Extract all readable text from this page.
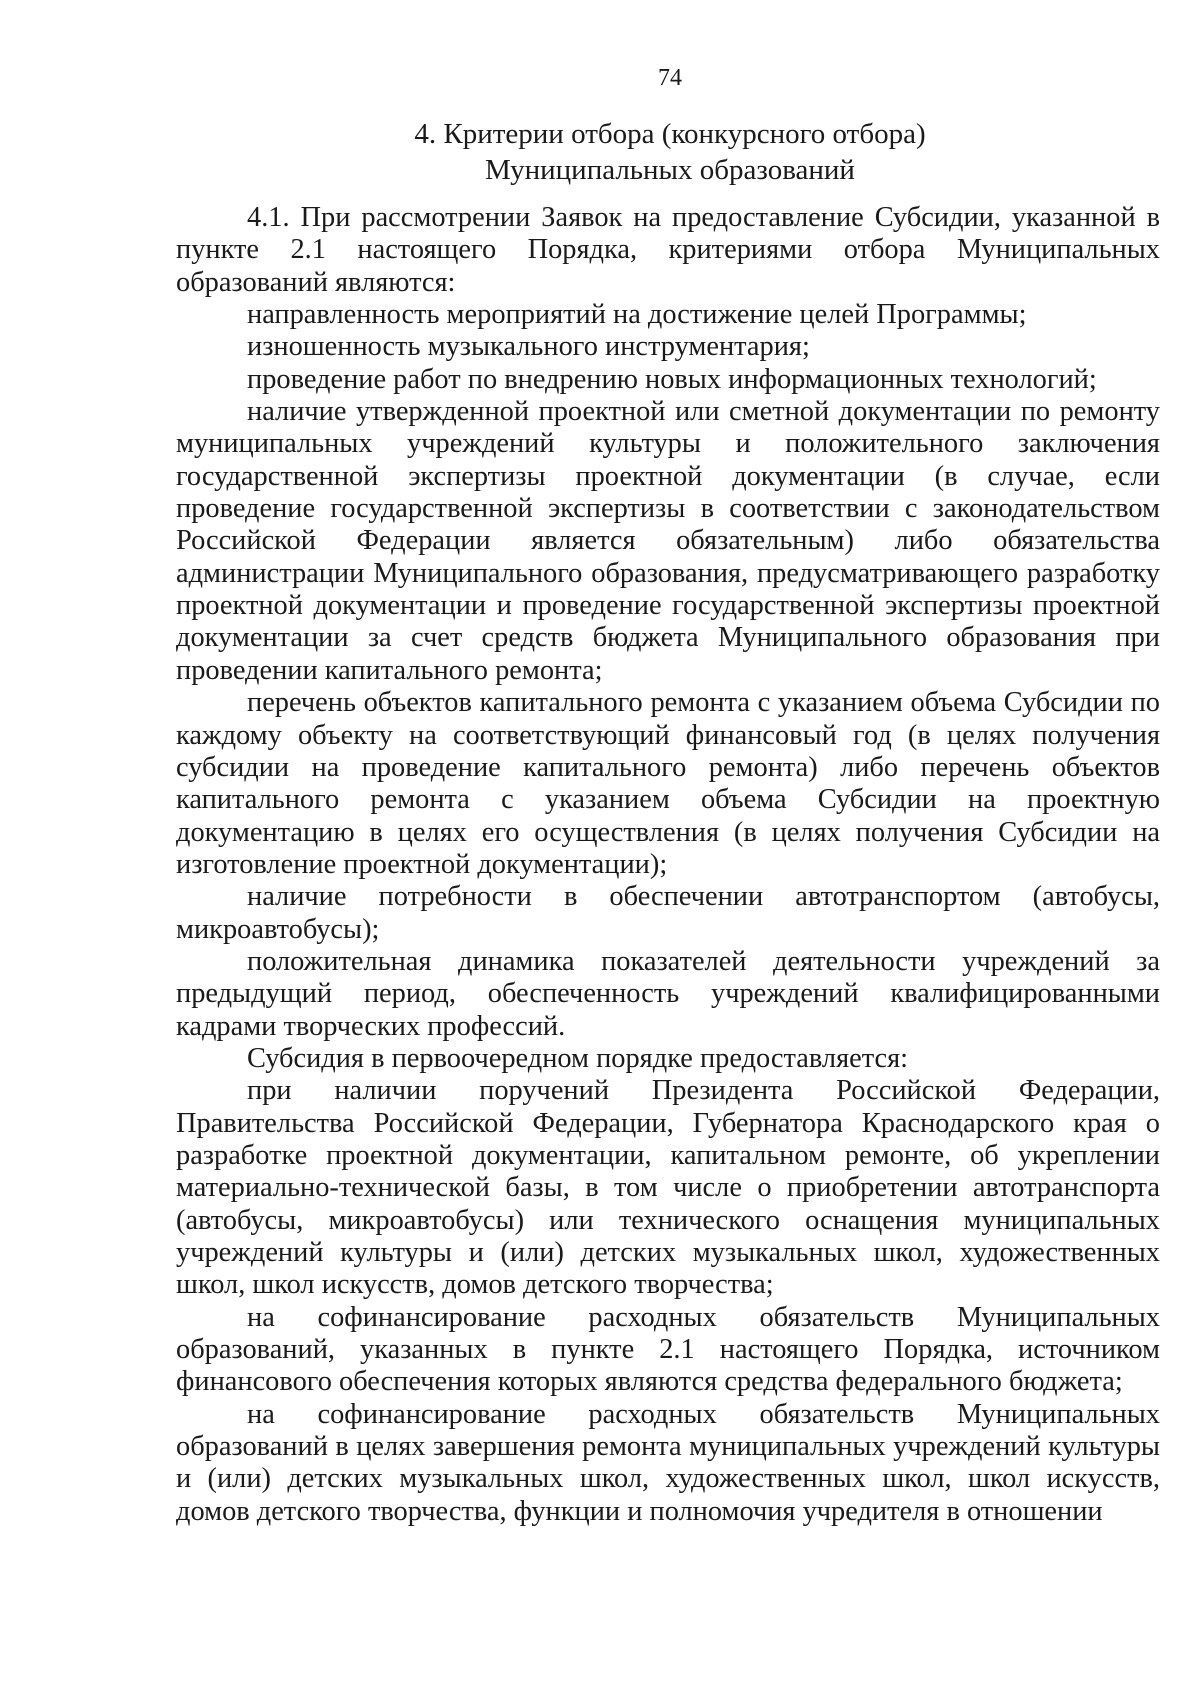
74
4. Критерии отбора (конкурсного отбора)
Муниципальных образований

4.1. При рассмотрении Заявок на предоставление Субсидии, указанной в пункте 2.1 настоящего Порядка, критериями отбора Муниципальных образований являются:

направленность мероприятий на достижение целей Программы;

изношенность музыкального инструментария;

проведение работ по внедрению новых информационных технологий;

наличие утвержденной проектной или сметной документации по ремонту муниципальных учреждений культуры и положительного заключения государственной экспертизы проектной документации (в случае, если проведение государственной экспертизы в соответствии с законодательством Российской Федерации является обязательным) либо обязательства администрации Муниципального образования, предусматривающего разработку проектной документации и проведение государственной экспертизы проектной документации за счет средств бюджета Муниципального образования при проведении капитального ремонта;

перечень объектов капитального ремонта с указанием объема Субсидии по каждому объекту на соответствующий финансовый год (в целях получения субсидии на проведение капитального ремонта) либо перечень объектов капитального ремонта с указанием объема Субсидии на проектную документацию в целях его осуществления (в целях получения Субсидии на изготовление проектной документации);

наличие потребности в обеспечении автотранспортом (автобусы, микроавтобусы);

положительная динамика показателей деятельности учреждений за предыдущий период, обеспеченность учреждений квалифицированными кадрами творческих профессий.

Субсидия в первоочередном порядке предоставляется:

при наличии поручений Президента Российской Федерации, Правительства Российской Федерации, Губернатора Краснодарского края о разработке проектной документации, капитальном ремонте, об укреплении материально-технической базы, в том числе о приобретении автотранспорта (автобусы, микроавтобусы) или технического оснащения муниципальных учреждений культуры и (или) детских музыкальных школ, художественных школ, школ искусств, домов детского творчества;

на софинансирование расходных обязательств Муниципальных образований, указанных в пункте 2.1 настоящего Порядка, источником финансового обеспечения которых являются средства федерального бюджета;

на софинансирование расходных обязательств Муниципальных образований в целях завершения ремонта муниципальных учреждений культуры и (или) детских музыкальных школ, художественных школ, школ искусств, домов детского творчества, функции и полномочия учредителя в отношении
